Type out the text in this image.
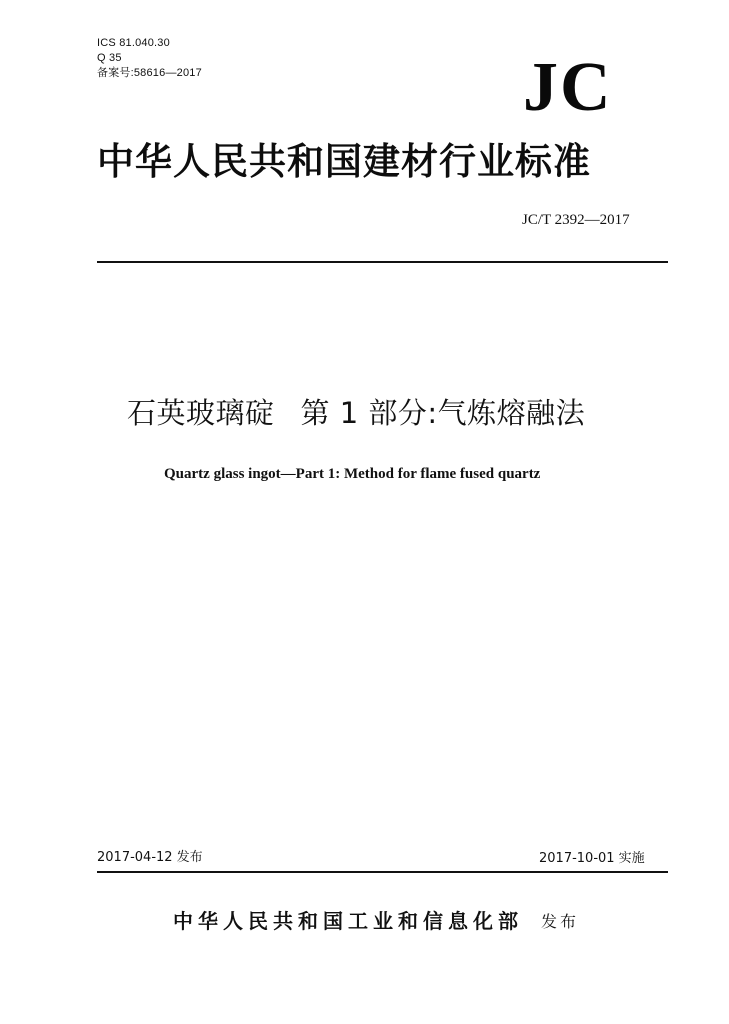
ICS 81.040.30
Q 35
备案号:58616—2017	JC
中华人民共和国建材行业标准
JC/T 2392—2017
石英玻璃碇 第 1 部分:气炼熔融法
Quartz glass ingot—Part 1: Method for flame fused quartz
2017-04-12 发布	2017-10-01 实施
中华人民共和国工业和信息化部 发布
